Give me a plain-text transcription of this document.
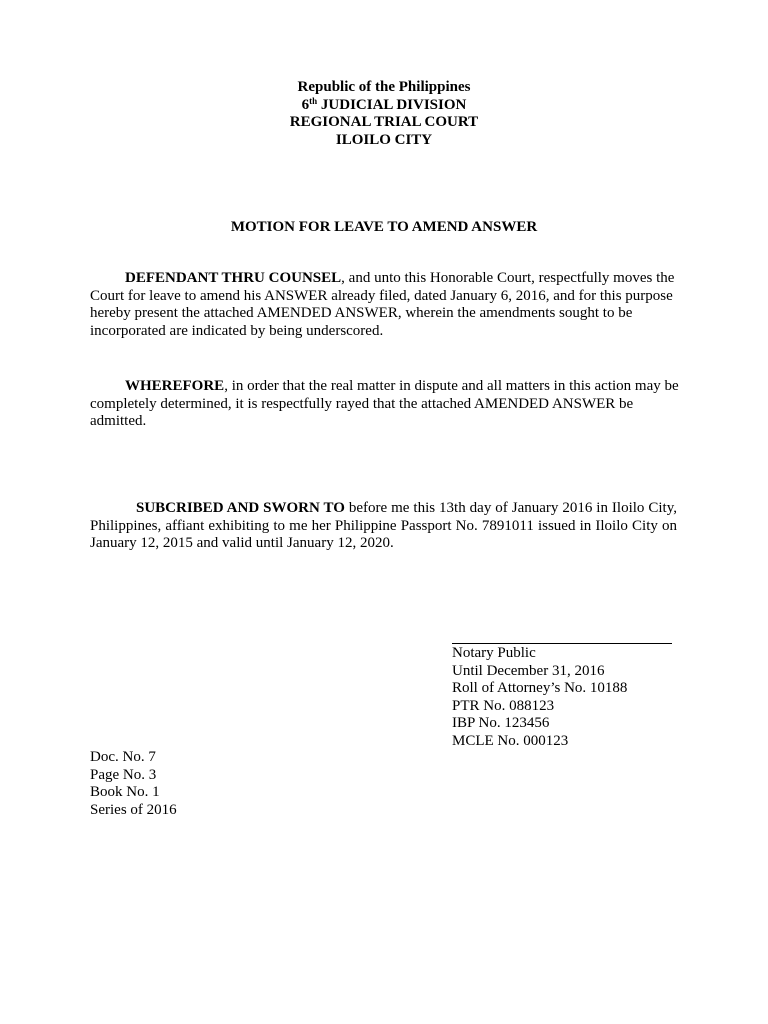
Republic of the Philippines
6th JUDICIAL DIVISION
REGIONAL TRIAL COURT
ILOILO CITY
MOTION FOR LEAVE TO AMEND ANSWER

DEFENDANT THRU COUNSEL, and unto this Honorable Court, respectfully moves the Court for leave to amend his ANSWER already filed, dated January 6, 2016, and for this purpose hereby present the attached AMENDED ANSWER, wherein the amendments sought to be incorporated are indicated by being underscored.

WHEREFORE, in order that the real matter in dispute and all matters in this action may be completely determined, it is respectfully rayed that the attached AMENDED ANSWER be admitted.

SUBCRIBED AND SWORN TO before me this 13th day of January 2016 in Iloilo City, Philippines, affiant exhibiting to me her Philippine Passport No. 7891011 issued in Iloilo City on January 12, 2015 and valid until January 12, 2020.

Notary Public
Until December 31, 2016
Roll of Attorney’s No. 10188
PTR No. 088123
IBP No. 123456
MCLE No. 000123
Doc. No. 7
Page No. 3
Book No. 1
Series of 2016
